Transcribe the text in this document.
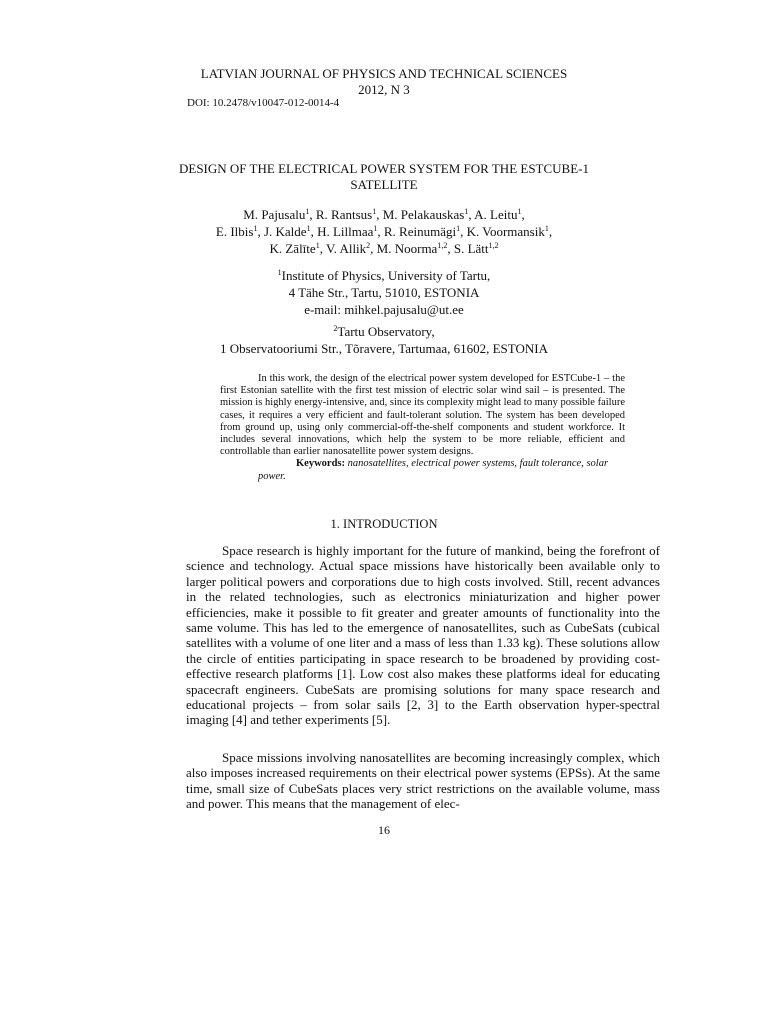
LATVIAN JOURNAL OF PHYSICS AND TECHNICAL SCIENCES
2012, N 3
DOI: 10.2478/v10047-012-0014-4
DESIGN OF THE ELECTRICAL POWER SYSTEM FOR THE ESTCUBE-1
SATELLITE
M. Pajusalu$^1$, R. Rantsus$^1$, M. Pelakauskas$^1$, A. Leitu$^1$,
E. Ilbis$^1$, J. Kalde$^1$, H. Lillmaa$^1$, R. Reinumägi$^1$, K. Voormansik$^1$,
K. Zālīte$^1$, V. Allik$^2$, M. Noorma$^{1,2}$, S. Lätt$^{1,2}$
$^1$Institute of Physics, University of Tartu,
4 Tähe Str., Tartu, 51010, ESTONIA
e-mail: mihkel.pajusalu@ut.ee
$^2$Tartu Observatory,
1 Observatooriumi Str., Tõravere, Tartumaa, 61602, ESTONIA

In this work, the design of the electrical power system developed for ESTCube-1 – the first Estonian satellite with the first test mission of electric solar wind sail – is presented. The mission is highly energy-intensive, and, since its complexity might lead to many possible failure cases, it requires a very efficient and fault-tolerant solution. The system has been developed from ground up, using only commercial-off-the-shelf components and student workforce. It includes several innovations, which help the system to be more reliable, efficient and controllable than earlier nanosatellite power system designs.

Keywords: nanosatellites, electrical power systems, fault tolerance, solar
power.

1. INTRODUCTION

Space research is highly important for the future of mankind, being the forefront of science and technology. Actual space missions have historically been available only to larger political powers and corporations due to high costs involved. Still, recent advances in the related technologies, such as electronics miniaturization and higher power efficiencies, make it possible to fit greater and greater amounts of functionality into the same volume. This has led to the emergence of nanosatellites, such as CubeSats (cubical satellites with a volume of one liter and a mass of less than 1.33 kg). These solutions allow the circle of entities participating in space research to be broadened by providing cost-effective research platforms [1]. Low cost also makes these platforms ideal for educating spacecraft engineers. CubeSats are promising solutions for many space research and educational projects – from solar sails [2, 3] to the Earth observation hyper-spectral imaging [4] and tether experiments [5].

Space missions involving nanosatellites are becoming increasingly complex, which also imposes increased requirements on their electrical power systems (EPSs). At the same time, small size of CubeSats places very strict restrictions on the available volume, mass and power. This means that the management of elec-

16
